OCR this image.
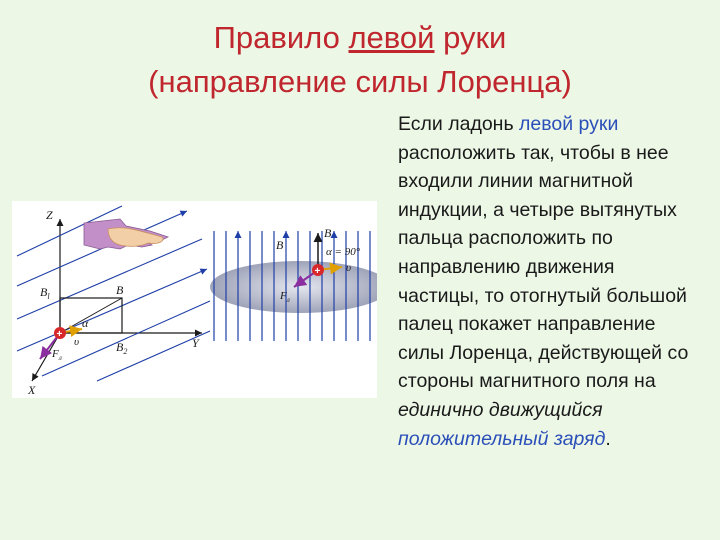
Правило левой руки
(направление силы Лоренца)
+
Z
X
Y
$B_l$	B
$B_2$
α
υ
$F_л$
+
B
B
α = 90°
υ
$F_л$
Если ладонь левой руки расположить так, чтобы в нее входили линии магнитной индукции, а четыре вытянутых пальца расположить по направлению движения частицы, то отогнутый большой палец покажет направление силы Лоренца, действующей со стороны магнитного поля на единично движущийся положительный заряд.
